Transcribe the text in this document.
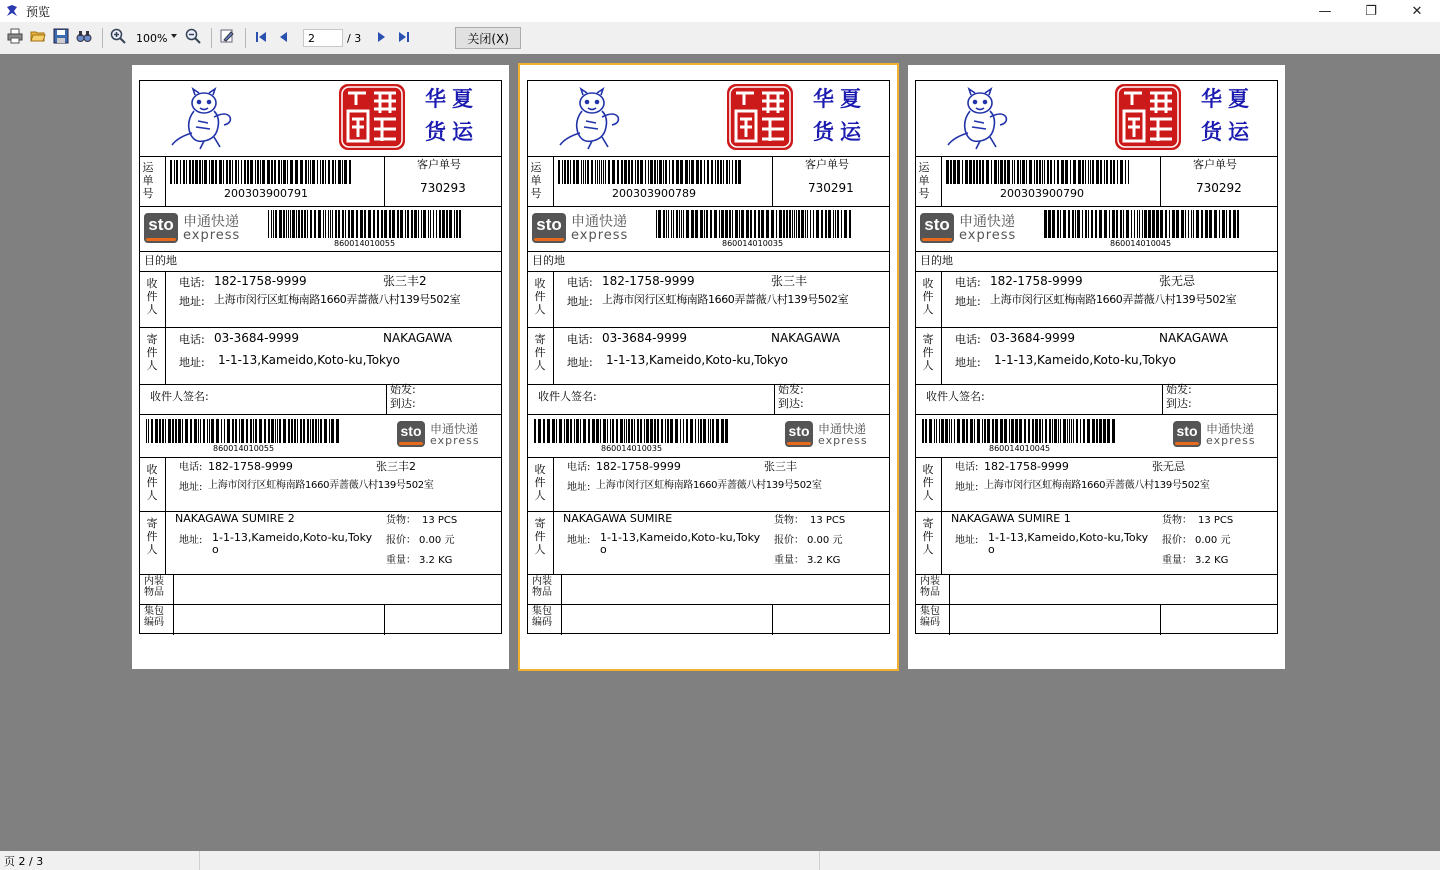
预览	—	❐	✕
100%	2	/ 3	关闭(X)
华夏
货运
运单号	200303900791
客户单号
730293
sto 申通快递
express
860014010055
目的地
收件人
电话: 182-1758-9999	张三丰2
地址: 上海市闵行区虹梅南路1660弄蔷薇八村139号502室
寄件人
电话: 03-3684-9999	NAKAGAWA
地址: 1-1-13,Kameido,Koto-ku,Tokyo
收件人签名:
始发:
到达:
860014010055
sto 申通快递
express
收件人
电话: 182-1758-9999	张三丰2
地址: 上海市闵行区虹梅南路1660弄蔷薇八村139号502室
寄件人
NAKAGAWA SUMIRE 2
地址: 1-1-13,Kameido,Koto-ku,Toky
o
货物： 13 PCS
报价： 0.00 元
重量： 3.2 KG
内装
物品
集包
编码
华夏
货运
运单号	200303900789
客户单号
730291
sto 申通快递
express
860014010035
目的地
收件人
电话: 182-1758-9999	张三丰
地址: 上海市闵行区虹梅南路1660弄蔷薇八村139号502室
寄件人
电话: 03-3684-9999	NAKAGAWA
地址: 1-1-13,Kameido,Koto-ku,Tokyo
收件人签名:
始发:
到达:
860014010035
sto 申通快递
express
收件人
电话: 182-1758-9999	张三丰
地址: 上海市闵行区虹梅南路1660弄蔷薇八村139号502室
寄件人
NAKAGAWA SUMIRE
地址: 1-1-13,Kameido,Koto-ku,Toky
o
货物： 13 PCS
报价： 0.00 元
重量： 3.2 KG
内装
物品
集包
编码
华夏
货运
运单号	200303900790
客户单号
730292
sto 申通快递
express
860014010045
目的地
收件人
电话: 182-1758-9999	张无忌
地址: 上海市闵行区虹梅南路1660弄蔷薇八村139号502室
寄件人
电话: 03-3684-9999	NAKAGAWA
地址: 1-1-13,Kameido,Koto-ku,Tokyo
收件人签名:
始发:
到达:
860014010045
sto 申通快递
express
收件人
电话: 182-1758-9999	张无忌
地址: 上海市闵行区虹梅南路1660弄蔷薇八村139号502室
寄件人
NAKAGAWA SUMIRE 1
地址: 1-1-13,Kameido,Koto-ku,Toky
o
货物： 13 PCS
报价： 0.00 元
重量： 3.2 KG
内装
物品
集包
编码
页 2 / 3
